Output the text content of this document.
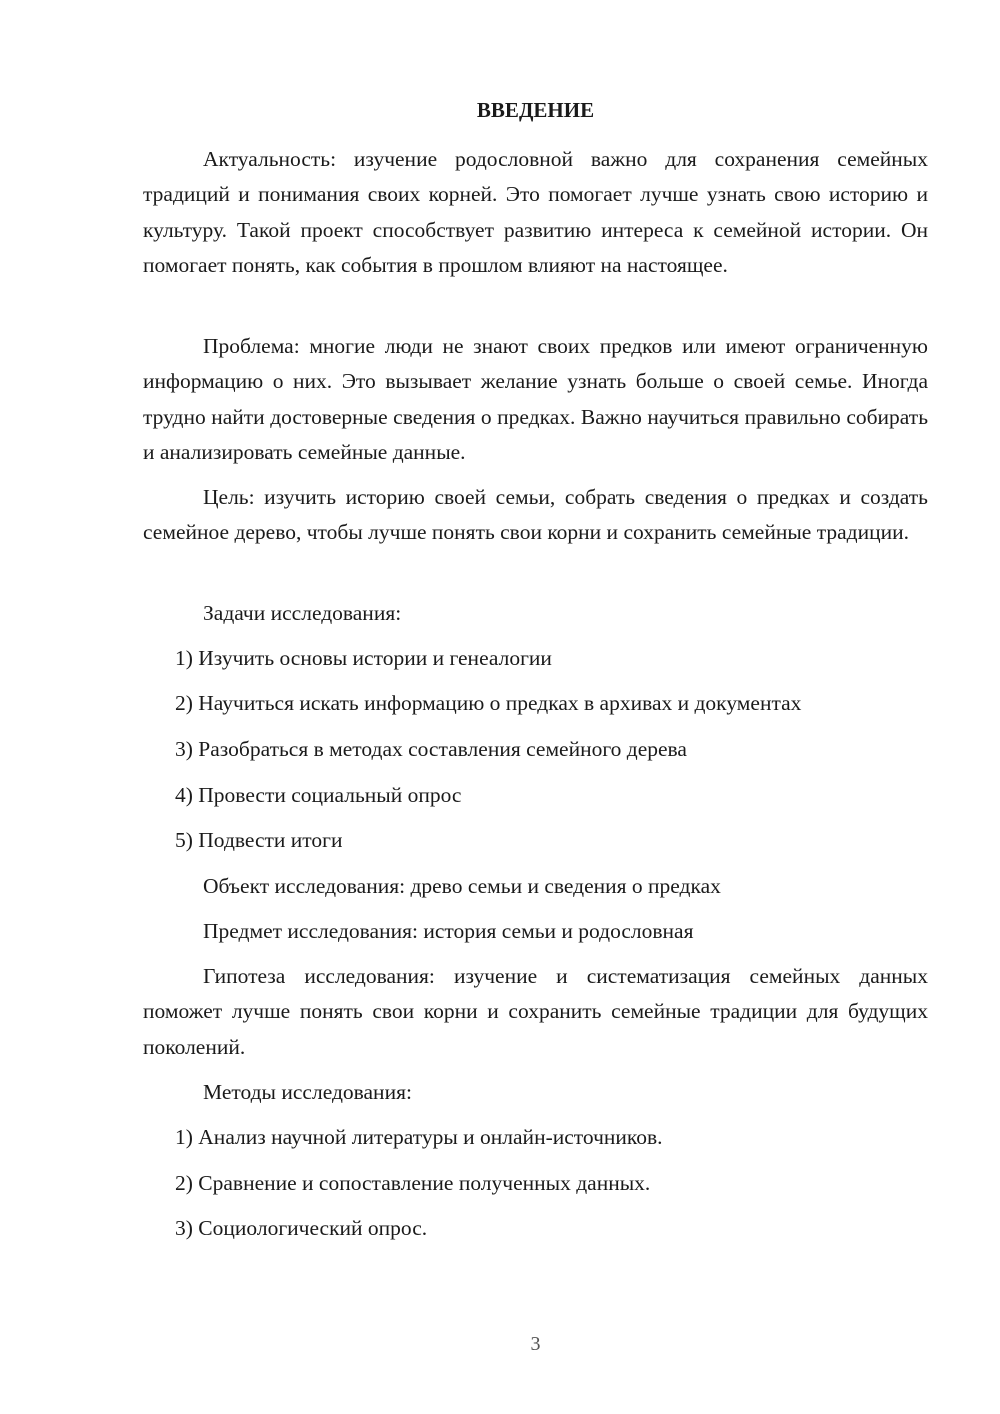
ВВЕДЕНИЕ

Актуальность: изучение родословной важно для сохранения семейных традиций и понимания своих корней. Это помогает лучше узнать свою историю и культуру. Такой проект способствует развитию интереса к семейной истории. Он помогает понять, как события в прошлом влияют на настоящее.

Проблема: многие люди не знают своих предков или имеют ограниченную информацию о них. Это вызывает желание узнать больше о своей семье. Иногда трудно найти достоверные сведения о предках. Важно научиться правильно собирать и анализировать семейные данные.

Цель: изучить историю своей семьи, собрать сведения о предках и создать семейное дерево, чтобы лучше понять свои корни и сохранить семейные традиции.

Задачи исследования:

1) Изучить основы истории и генеалогии

2) Научиться искать информацию о предках в архивах и документах

3) Разобраться в методах составления семейного дерева

4) Провести социальный опрос

5) Подвести итоги

Объект исследования: древо семьи и сведения о предках

Предмет исследования: история семьи и родословная

Гипотеза исследования: изучение и систематизация семейных данных поможет лучше понять свои корни и сохранить семейные традиции для будущих поколений.

Методы исследования:

1) Анализ научной литературы и онлайн-источников.

2) Сравнение и сопоставление полученных данных.

3) Социологический опрос.

3
